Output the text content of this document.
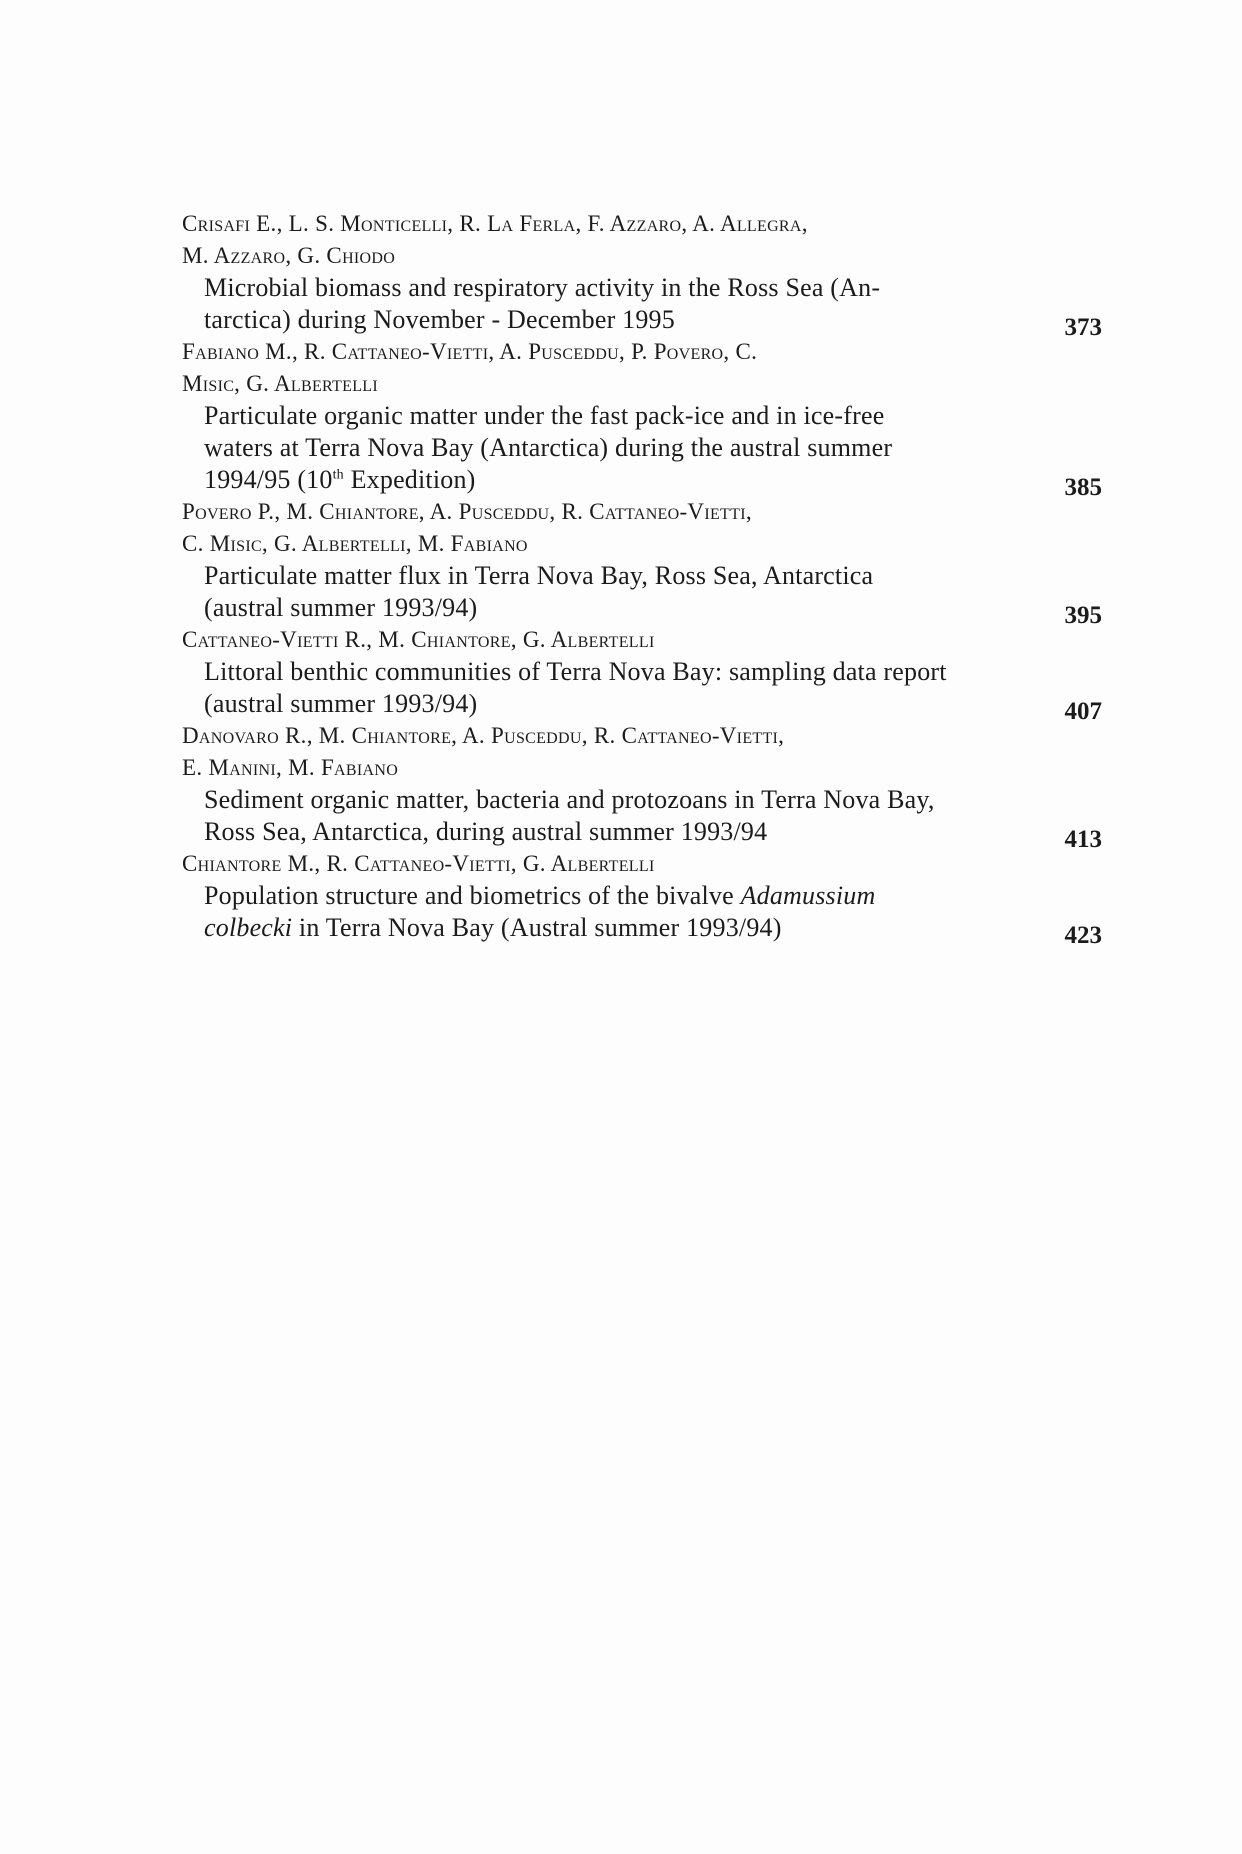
Crisafi E., L. S. Monticelli, R. La Ferla, F. Azzaro, A. Allegra,
M. Azzaro, G. Chiodo
Microbial biomass and respiratory activity in the Ross Sea (An-
tarctica) during November - December 1995	373
Fabiano M., R. Cattaneo-Vietti, A. Pusceddu, P. Povero, C.
Misic, G. Albertelli
Particulate organic matter under the fast pack-ice and in ice-free
waters at Terra Nova Bay (Antarctica) during the austral summer
1994/95 (10th Expedition)	385
Povero P., M. Chiantore, A. Pusceddu, R. Cattaneo-Vietti,
C. Misic, G. Albertelli, M. Fabiano
Particulate matter flux in Terra Nova Bay, Ross Sea, Antarctica
(austral summer 1993/94)	395
Cattaneo-Vietti R., M. Chiantore, G. Albertelli
Littoral benthic communities of Terra Nova Bay: sampling data report
(austral summer 1993/94)	407
Danovaro R., M. Chiantore, A. Pusceddu, R. Cattaneo-Vietti,
E. Manini, M. Fabiano
Sediment organic matter, bacteria and protozoans in Terra Nova Bay,
Ross Sea, Antarctica, during austral summer 1993/94	413
Chiantore M., R. Cattaneo-Vietti, G. Albertelli
Population structure and biometrics of the bivalve Adamussium
colbecki in Terra Nova Bay (Austral summer 1993/94)	423
